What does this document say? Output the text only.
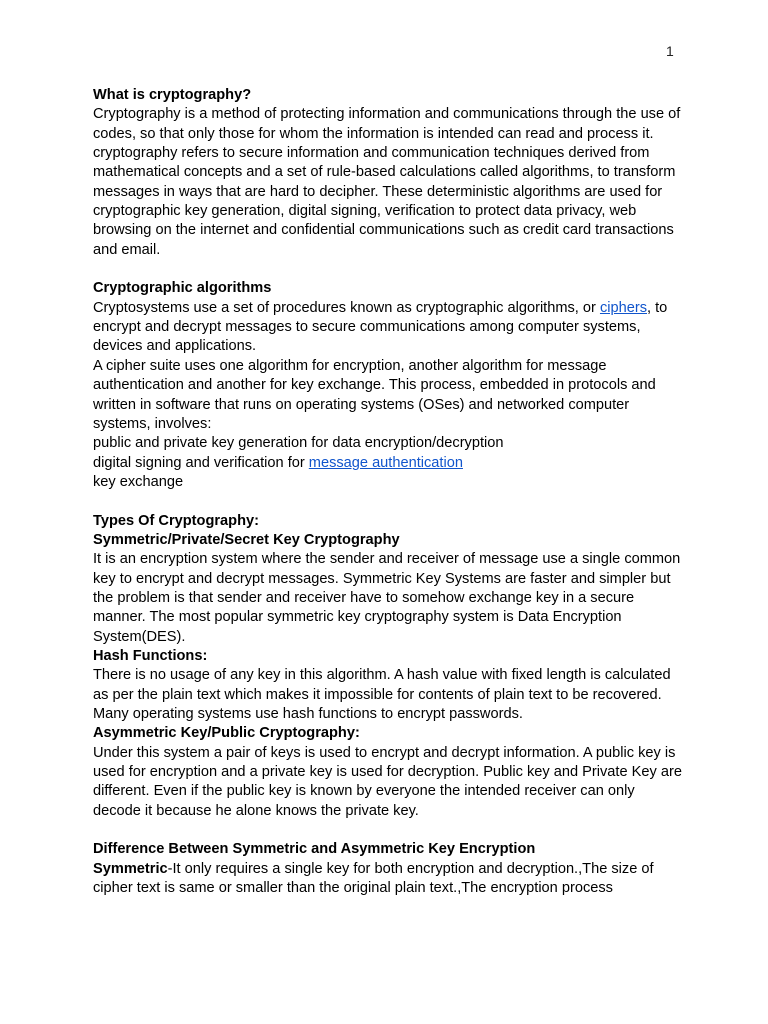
1

What is cryptography?

Cryptography is a method of protecting information and communications through the use of codes, so that only those for whom the information is intended can read and process it.

cryptography refers to secure information and communication techniques derived from mathematical concepts and a set of rule-based calculations called algorithms, to transform messages in ways that are hard to decipher. These deterministic algorithms are used for cryptographic key generation, digital signing, verification to protect data privacy, web browsing on the internet and confidential communications such as credit card transactions and email.

Cryptographic algorithms

Cryptosystems use a set of procedures known as cryptographic algorithms, or ciphers, to encrypt and decrypt messages to secure communications among computer systems, devices and applications.

A cipher suite uses one algorithm for encryption, another algorithm for message authentication and another for key exchange. This process, embedded in protocols and written in software that runs on operating systems (OSes) and networked computer systems, involves:

public and private key generation for data encryption/decryption

digital signing and verification for message authentication

key exchange

Types Of Cryptography:

Symmetric/Private/Secret Key Cryptography

It is an encryption system where the sender and receiver of message use a single common key to encrypt and decrypt messages. Symmetric Key Systems are faster and simpler but the problem is that sender and receiver have to somehow exchange key in a secure manner. The most popular symmetric key cryptography system is Data Encryption System(DES).

Hash Functions:

There is no usage of any key in this algorithm. A hash value with fixed length is calculated as per the plain text which makes it impossible for contents of plain text to be recovered. Many operating systems use hash functions to encrypt passwords.

Asymmetric Key/Public Cryptography:

Under this system a pair of keys is used to encrypt and decrypt information. A public key is used for encryption and a private key is used for decryption. Public key and Private Key are different. Even if the public key is known by everyone the intended receiver can only decode it because he alone knows the private key.

Difference Between Symmetric and Asymmetric Key Encryption

Symmetric-It only requires a single key for both encryption and decryption.,The size of cipher text is same or smaller than the original plain text.,The encryption process
